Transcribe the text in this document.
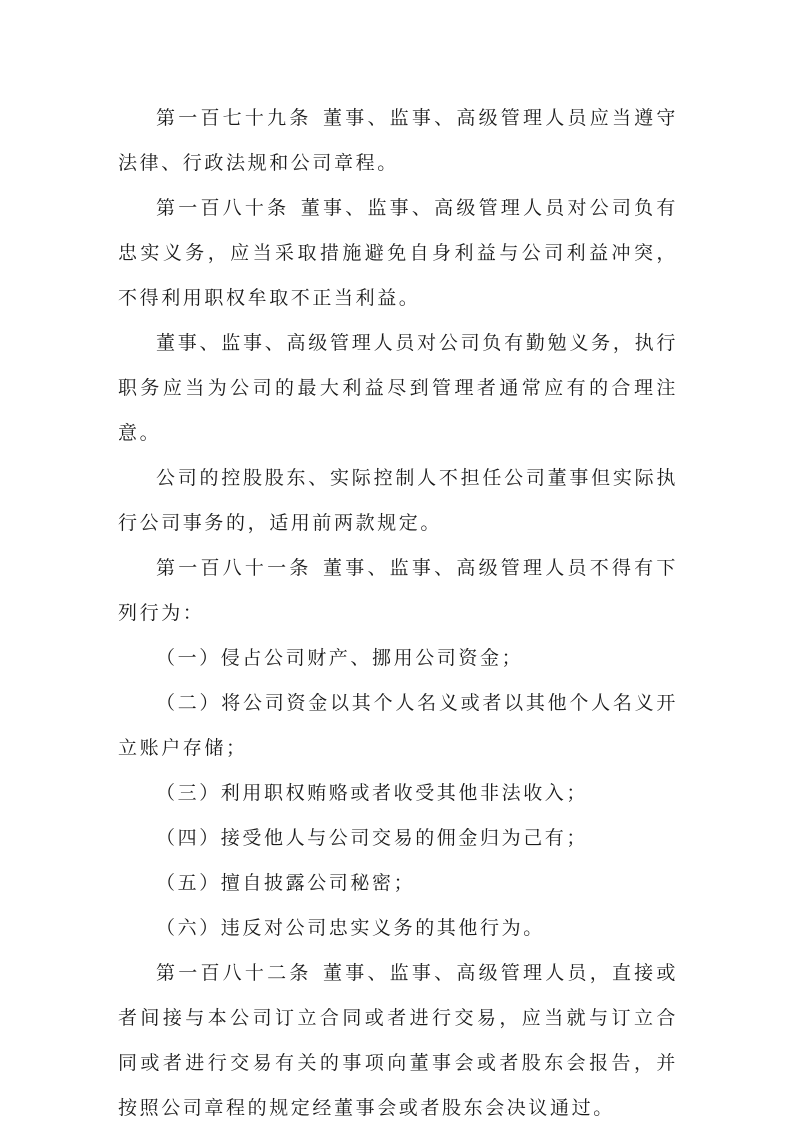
第一百七十九条 董事、监事、高级管理人员应当遵守法律、行政法规和公司章程。

第一百八十条 董事、监事、高级管理人员对公司负有忠实义务，应当采取措施避免自身利益与公司利益冲突，不得利用职权牟取不正当利益。

董事、监事、高级管理人员对公司负有勤勉义务，执行职务应当为公司的最大利益尽到管理者通常应有的合理注意。

公司的控股股东、实际控制人不担任公司董事但实际执行公司事务的，适用前两款规定。

第一百八十一条 董事、监事、高级管理人员不得有下列行为：

（一）侵占公司财产、挪用公司资金；

（二）将公司资金以其个人名义或者以其他个人名义开立账户存储；

（三）利用职权贿赂或者收受其他非法收入；

（四）接受他人与公司交易的佣金归为己有；

（五）擅自披露公司秘密；

（六）违反对公司忠实义务的其他行为。

第一百八十二条 董事、监事、高级管理人员，直接或者间接与本公司订立合同或者进行交易，应当就与订立合同或者进行交易有关的事项向董事会或者股东会报告，并按照公司章程的规定经董事会或者股东会决议通过。
